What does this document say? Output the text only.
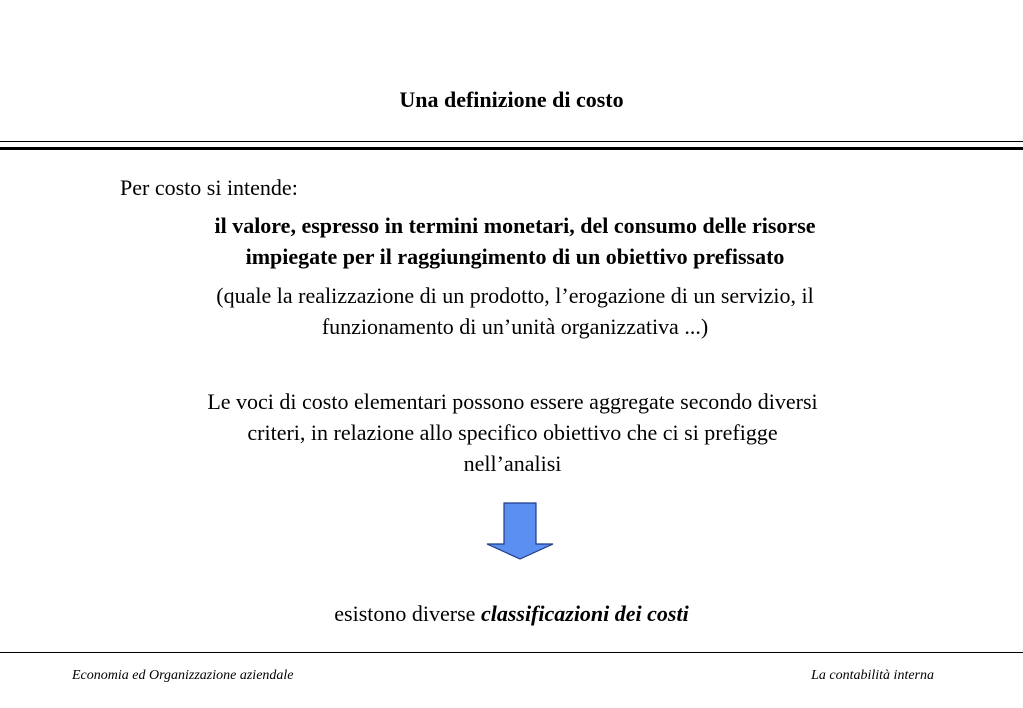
Una definizione di costo
Per costo si intende:
il valore, espresso in termini monetari, del consumo delle risorse
impiegate per il raggiungimento di un obiettivo prefissato
(quale la realizzazione di un prodotto, l’erogazione di un servizio, il
funzionamento di un’unità organizzativa ...)
Le voci di costo elementari possono essere aggregate secondo diversi
criteri, in relazione allo specifico obiettivo che ci si prefigge
nell’analisi
esistono diverse classificazioni dei costi
Economia ed Organizzazione aziendale	La contabilità interna
